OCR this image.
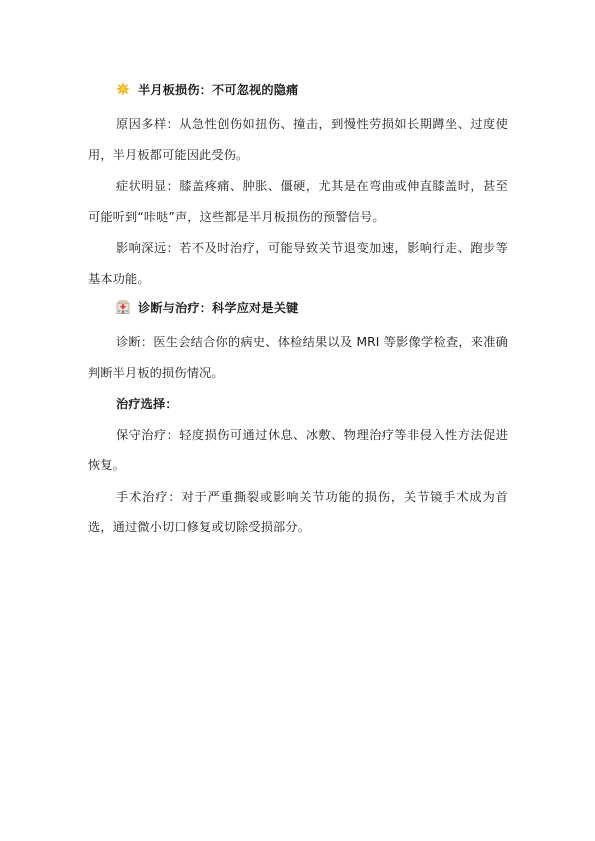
半月板损伤：不可忽视的隐痛

原因多样：从急性创伤如扭伤、撞击，到慢性劳损如长期蹲坐、过度使用，半月板都可能因此受伤。

症状明显：膝盖疼痛、肿胀、僵硬，尤其是在弯曲或伸直膝盖时，甚至可能听到“咔哒”声，这些都是半月板损伤的预警信号。

影响深远：若不及时治疗，可能导致关节退变加速，影响行走、跑步等基本功能。

诊断与治疗：科学应对是关键

诊断：医生会结合你的病史、体检结果以及 MRI 等影像学检查，来准确判断半月板的损伤情况。

治疗选择：

保守治疗：轻度损伤可通过休息、冰敷、物理治疗等非侵入性方法促进恢复。

手术治疗：对于严重撕裂或影响关节功能的损伤，关节镜手术成为首选，通过微小切口修复或切除受损部分。
